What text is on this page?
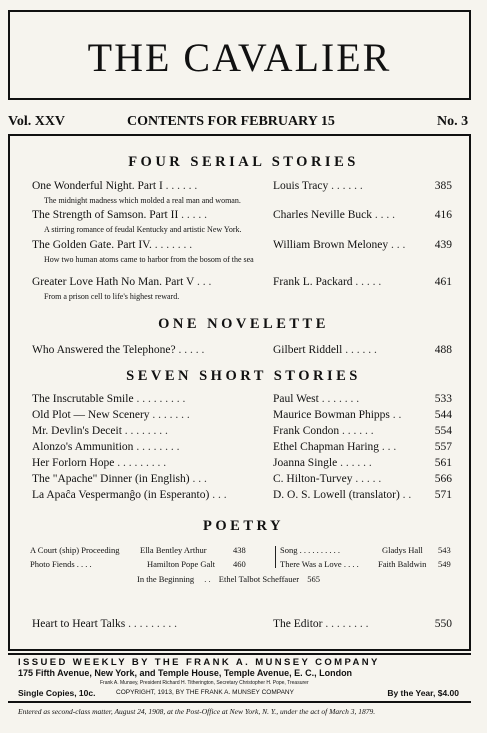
THE CAVALIER
Vol. XXV	CONTENTS FOR FEBRUARY 15	No. 3
FOUR SERIAL STORIES
One Wonderful Night. Part I . . . . . .	Louis Tracy . . . . . .	385
The midnight madness which molded a real man and woman.
The Strength of Samson. Part II . . . . .	Charles Neville Buck . . . .	416
A stirring romance of feudal Kentucky and artistic New York.
The Golden Gate. Part IV. . . . . . . .	William Brown Meloney . . .	439
How two human atoms came to harbor from the bosom of the sea
Greater Love Hath No Man. Part V . . .	Frank L. Packard . . . . .	461
From a prison cell to life's highest reward.
ONE NOVELETTE
Who Answered the Telephone? . . . . .	Gilbert Riddell . . . . . .	488
SEVEN SHORT STORIES
The Inscrutable Smile . . . . . . . . .	Paul West . . . . . . .	533
Old Plot — New Scenery . . . . . . .	Maurice Bowman Phipps . .	544
Mr. Devlin's Deceit . . . . . . . .	Frank Condon . . . . . .	554
Alonzo's Ammunition . . . . . . . .	Ethel Chapman Haring . . .	557
Her Forlorn Hope . . . . . . . . .	Joanna Single . . . . . .	561
The "Apache" Dinner (in English) . . .	C. Hilton-Turvey . . . . .	566
La Apaĉa Vespermanĝo (in Esperanto) . . .	D. O. S. Lowell (translator) . . 571
POETRY
A Court (ship) Proceeding Ella Bentley Arthur	438
Photo Fiends . . . .	Hamilton Pope Galt 460
Song . . . . . . . . . .	Gladys Hall 543
There Was a Love . . . . Faith Baldwin 549
In the Beginning . . Ethel Talbot Scheffauer 565
Heart to Heart Talks . . . . . . . . .	The Editor . . . . . . . .	550
ISSUED WEEKLY BY THE FRANK A. MUNSEY COMPANY
175 Fifth Avenue, New York, and Temple House, Temple Avenue, E. C., London
Frank A. Munsey, President Richard H. Titherington, Secretary Christopher H. Pope, Treasurer
Single Copies, 10c.	COPYRIGHT, 1913, BY THE FRANK A. MUNSEY COMPANY	By the Year, $4.00
Entered as second-class matter, August 24, 1908, at the Post-Office at New York, N. Y., under the act of March 3, 1879.
